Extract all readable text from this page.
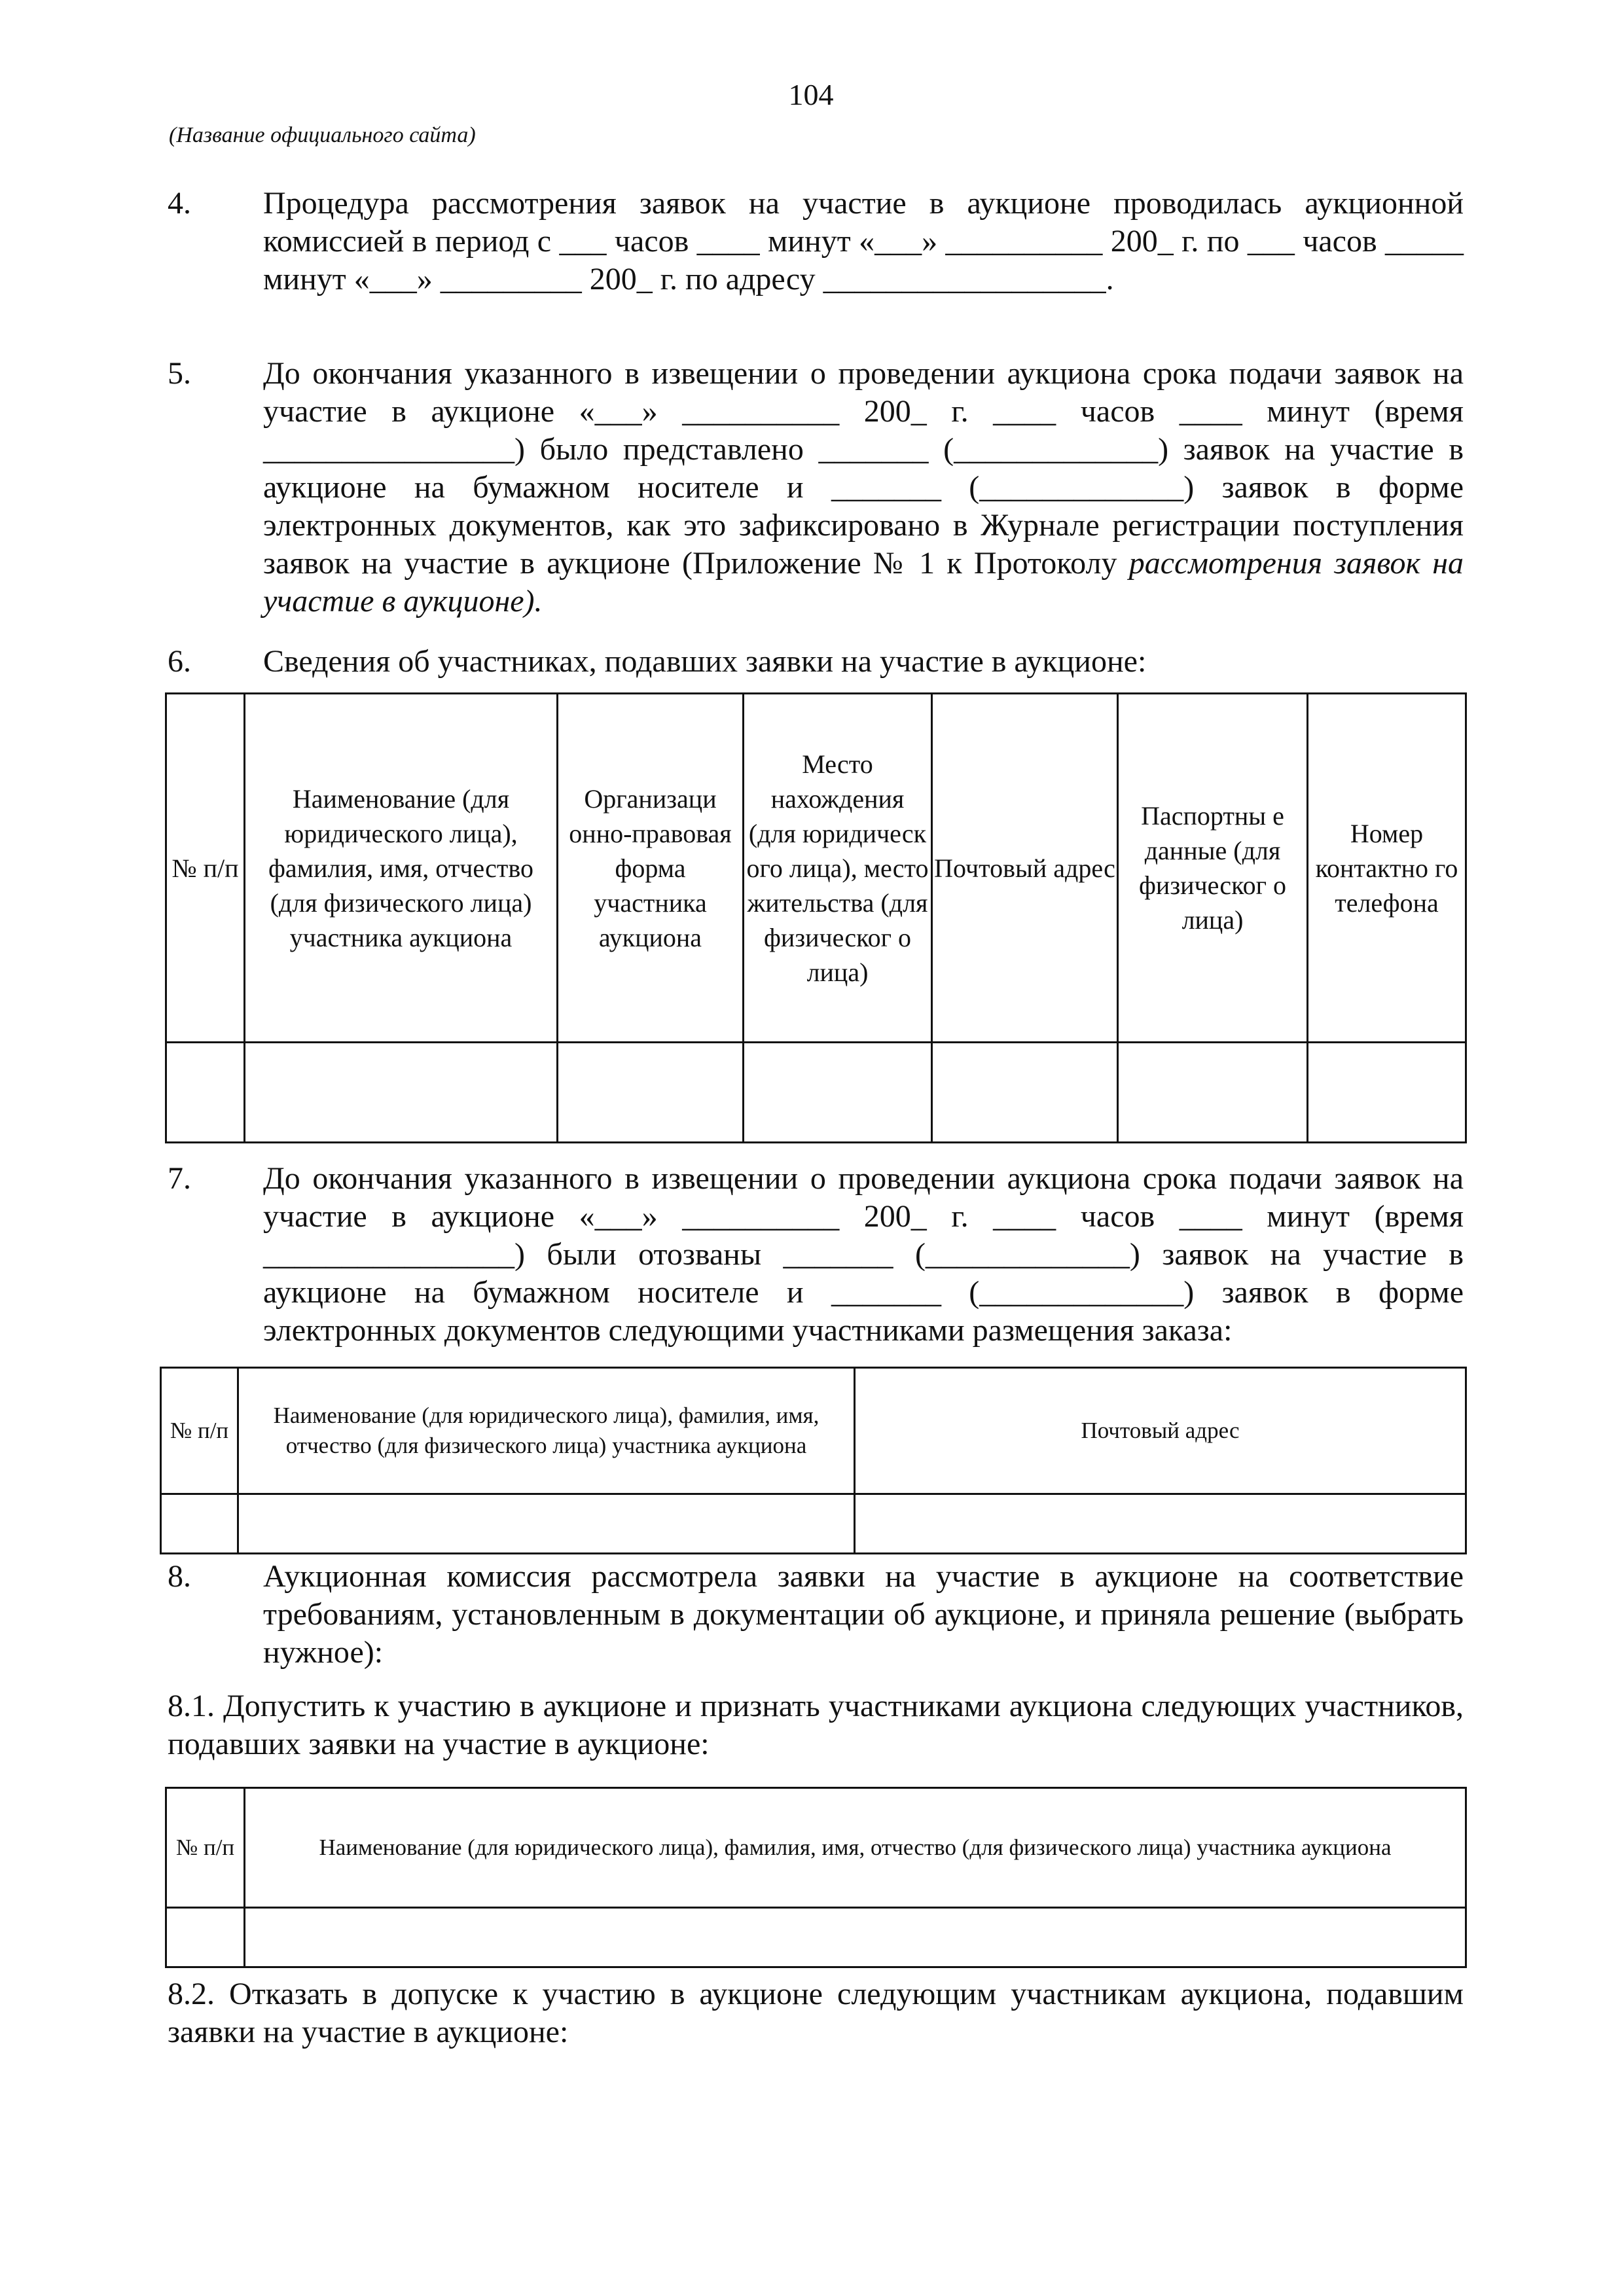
104
(Название официального сайта)
4. Процедура рассмотрения заявок на участие в аукционе проводилась аукционной комиссией в период с ___ часов ____ минут «___» __________ 200_ г. по ___ часов _____ минут «___» _________ 200_ г. по адресу __________________.
5. До окончания указанного в извещении о проведении аукциона срока подачи заявок на участие в аукционе «___» __________ 200_ г. ____ часов ____ минут (время ________________) было представлено _______ (_____________) заявок на участие в аукционе на бумажном носителе и _______ (_____________) заявок в форме электронных документов, как это зафиксировано в Журнале регистрации поступления заявок на участие в аукционе (Приложение № 1 к Протоколу рассмотрения заявок на участие в аукционе).
6. Сведения об участниках, подавших заявки на участие в аукционе:
№ п/п	Наименование (для юридического лица), фамилия, имя, отчество (для физического лица) участника аукциона	Организаци онно-правовая форма участника аукциона	Место нахождения (для юридическ ого лица), место жительства (для физическог о лица)	Почтовый адрес	Паспортны е данные (для физическог о лица)	Номер контактно го телефона

7. До окончания указанного в извещении о проведении аукциона срока подачи заявок на участие в аукционе «___» __________ 200_ г. ____ часов ____ минут (время ________________) были отозваны _______ (_____________) заявок на участие в аукционе на бумажном носителе и _______ (_____________) заявок в форме электронных документов следующими участниками размещения заказа:
№ п/п	Наименование (для юридического лица), фамилия, имя, отчество (для физического лица) участника аукциона	Почтовый адрес

8. Аукционная комиссия рассмотрела заявки на участие в аукционе на соответствие требованиям, установленным в документации об аукционе, и приняла решение (выбрать нужное):
8.1. Допустить к участию в аукционе и признать участниками аукциона следующих участников, подавших заявки на участие в аукционе:
№ п/п	Наименование (для юридического лица), фамилия, имя, отчество (для физического лица) участника аукциона

8.2. Отказать в допуске к участию в аукционе следующим участникам аукциона, подавшим заявки на участие в аукционе:
